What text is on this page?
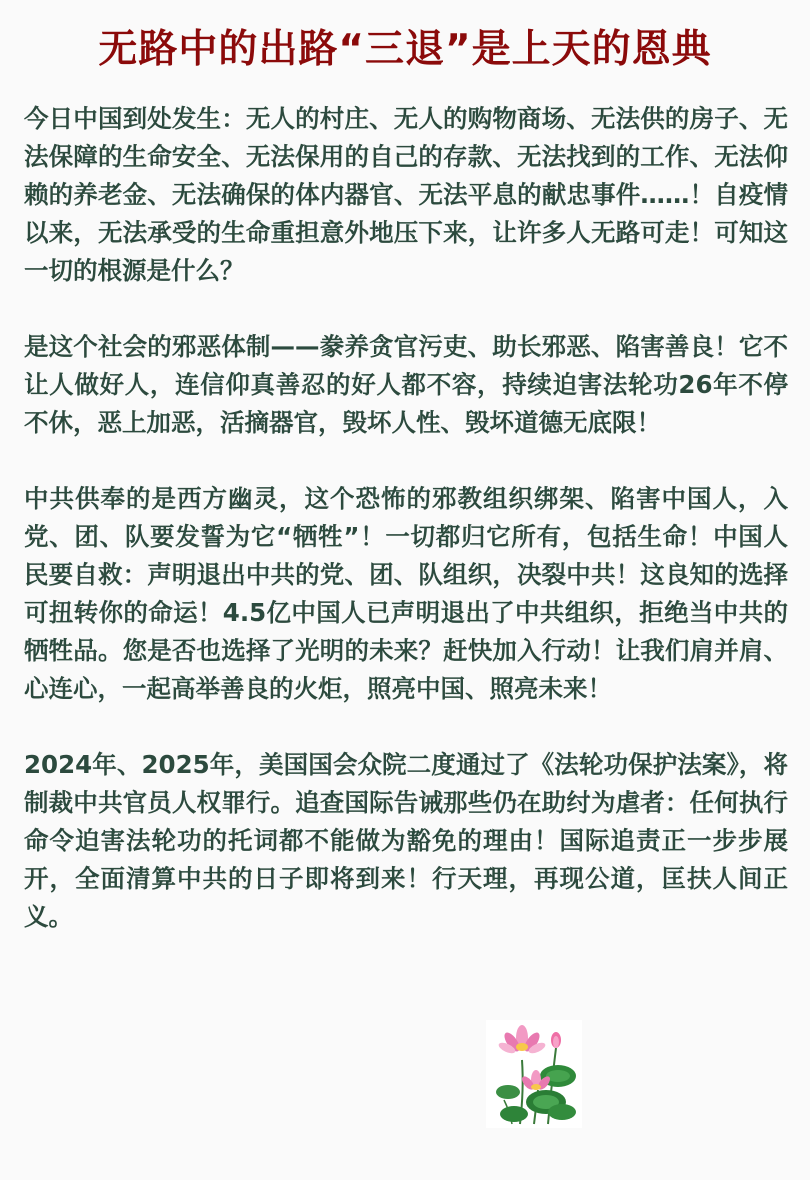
无路中的出路“三退”是上天的恩典

今日中国到处发生：无人的村庄、无人的购物商场、无法供的房子、无法保障的生命安全、无法保用的自己的存款、无法找到的工作、无法仰赖的养老金、无法确保的体内器官、无法平息的献忠事件……！自疫情以来，无法承受的生命重担意外地压下来，让许多人无路可走！可知这一切的根源是什么？

是这个社会的邪恶体制——豢养贪官污吏、助长邪恶、陷害善良！它不让人做好人，连信仰真善忍的好人都不容，持续迫害法轮功26年不停不休，恶上加恶，活摘器官，毁坏人性、毁坏道德无底限！

中共供奉的是西方幽灵，这个恐怖的邪教组织绑架、陷害中国人，入党、团、队要发誓为它“牺牲”！一切都归它所有，包括生命！中国人民要自救：声明退出中共的党、团、队组织，决裂中共！这良知的选择可扭转你的命运！4.5亿中国人已声明退出了中共组织，拒绝当中共的牺牲品。您是否也选择了光明的未来？赶快加入行动！让我们肩并肩、心连心，一起高举善良的火炬，照亮中国、照亮未来！

2024年、2025年，美国国会众院二度通过了《法轮功保护法案》，将制裁中共官员人权罪行。追查国际告诫那些仍在助纣为虐者：任何执行命令迫害法轮功的托词都不能做为豁免的理由！国际追责正一步步展开，全面清算中共的日子即将到来！行天理，再现公道，匡扶人间正义。
